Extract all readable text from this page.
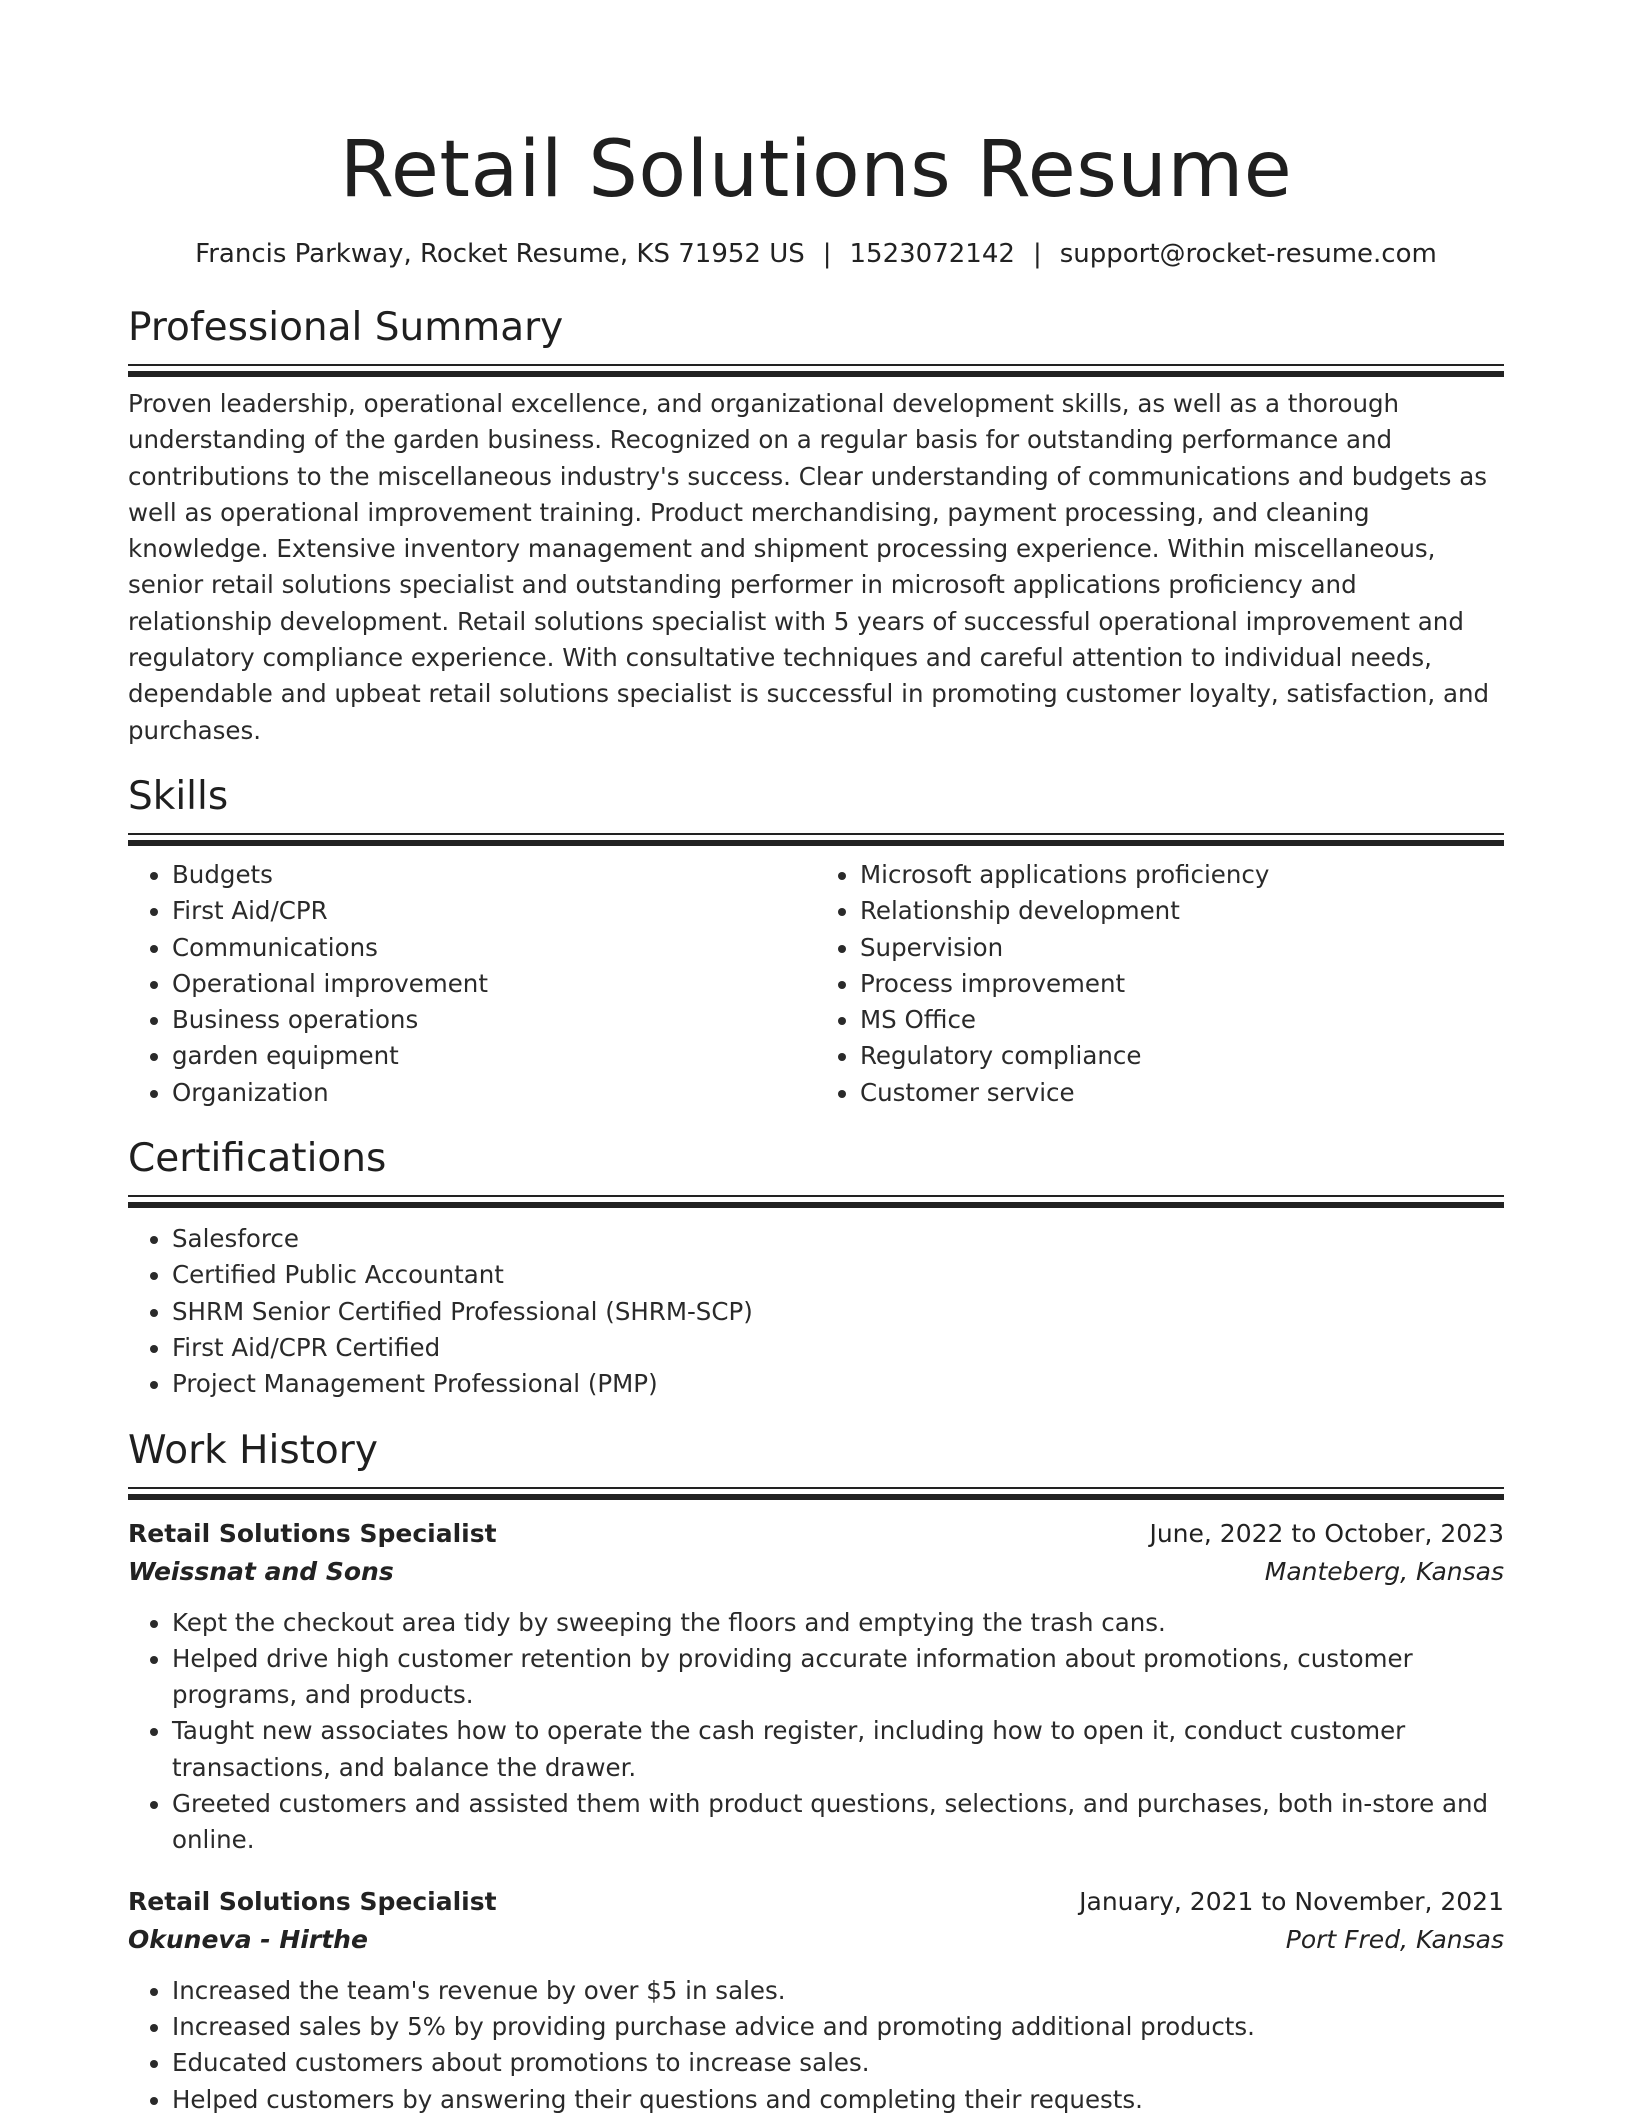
Retail Solutions Resume
Francis Parkway, Rocket Resume, KS 71952 US | 1523072142 | support@rocket-resume.com
Professional Summary

Proven leadership, operational excellence, and organizational development skills, as well as a thorough understanding of the garden business. Recognized on a regular basis for outstanding performance and contributions to the miscellaneous industry's success. Clear understanding of communications and budgets as well as operational improvement training. Product merchandising, payment processing, and cleaning knowledge. Extensive inventory management and shipment processing experience. Within miscellaneous, senior retail solutions specialist and outstanding performer in microsoft applications proficiency and relationship development. Retail solutions specialist with 5 years of successful operational improvement and regulatory compliance experience. With consultative techniques and careful attention to individual needs, dependable and upbeat retail solutions specialist is successful in promoting customer loyalty, satisfaction, and purchases.

Skills
• Budgets
• First Aid/CPR
• Communications
• Operational improvement
• Business operations
• garden equipment
• Organization
• Microsoft applications proficiency
• Relationship development
• Supervision
• Process improvement
• MS Office
• Regulatory compliance
• Customer service
Certifications
• Salesforce
• Certified Public Accountant
• SHRM Senior Certified Professional (SHRM-SCP)
• First Aid/CPR Certified
• Project Management Professional (PMP)
Work History
Retail Solutions Specialist	June, 2022 to October, 2023
Weissnat and Sons	Manteberg, Kansas
• Kept the checkout area tidy by sweeping the floors and emptying the trash cans.
• Helped drive high customer retention by providing accurate information about promotions, customer programs, and products.
• Taught new associates how to operate the cash register, including how to open it, conduct customer transactions, and balance the drawer.
• Greeted customers and assisted them with product questions, selections, and purchases, both in-store and online.
Retail Solutions Specialist	January, 2021 to November, 2021
Okuneva - Hirthe	Port Fred, Kansas
• Increased the team's revenue by over $5 in sales.
• Increased sales by 5% by providing purchase advice and promoting additional products.
• Educated customers about promotions to increase sales.
• Helped customers by answering their questions and completing their requests.
